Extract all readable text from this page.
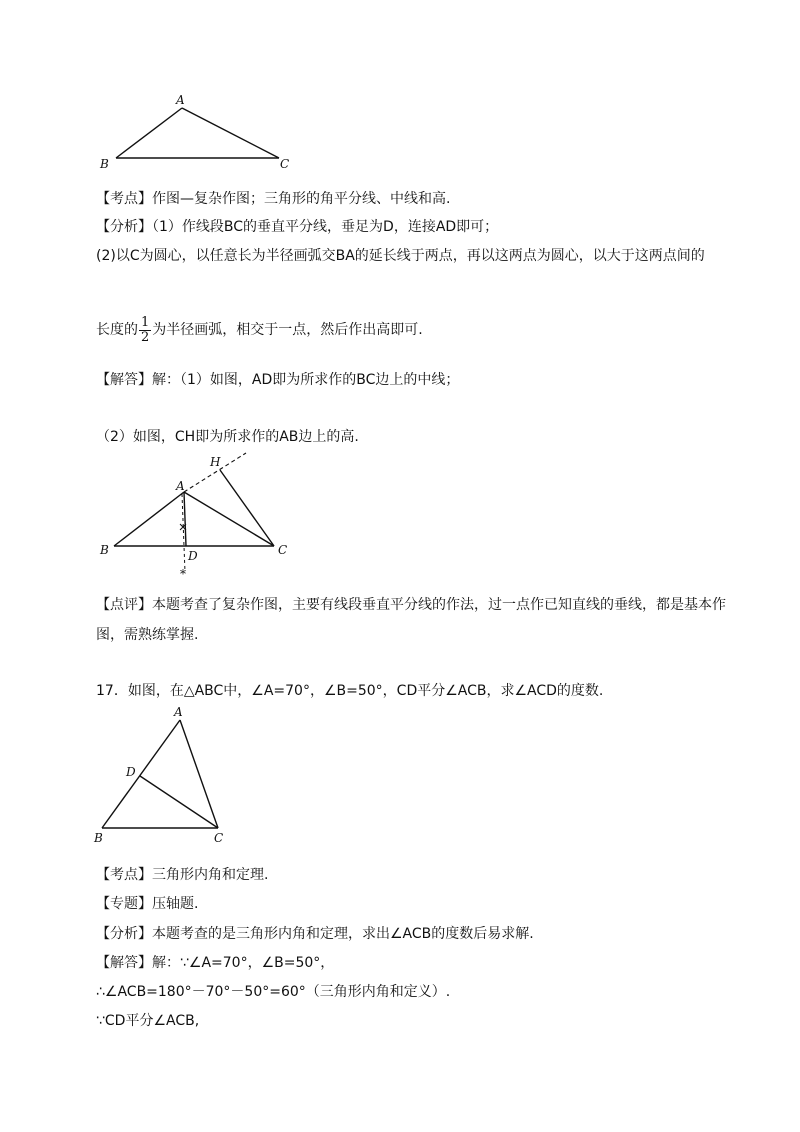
A
B	C
【考点】作图—复杂作图；三角形的角平分线、中线和高.
【分析】（1）作线段BC的垂直平分线，垂足为D，连接AD即可；
(2)以C为圆心，以任意长为半径画弧交BA的延长线于两点，再以这两点为圆心，以大于这两点间的
长度的 $\frac{1}{2}$ 为半径画弧，相交于一点，然后作出高即可.
【解答】解：（1）如图，AD即为所求作的BC边上的中线；
（2）如图，CH即为所求作的AB边上的高.
H
A
B	D	C
*
【点评】本题考查了复杂作图，主要有线段垂直平分线的作法，过一点作已知直线的垂线，都是基本作
图，需熟练掌握.
17．如图，在△ABC中，∠A=70°，∠B=50°，CD平分∠ACB，求∠ACD的度数.
A
D
B	C
【考点】三角形内角和定理.
【专题】压轴题.
【分析】本题考查的是三角形内角和定理，求出∠ACB的度数后易求解.
【解答】解：∵∠A=70°，∠B=50°，
∴∠ACB=180°－70°－50°=60°（三角形内角和定义）.
∵CD平分∠ACB,
